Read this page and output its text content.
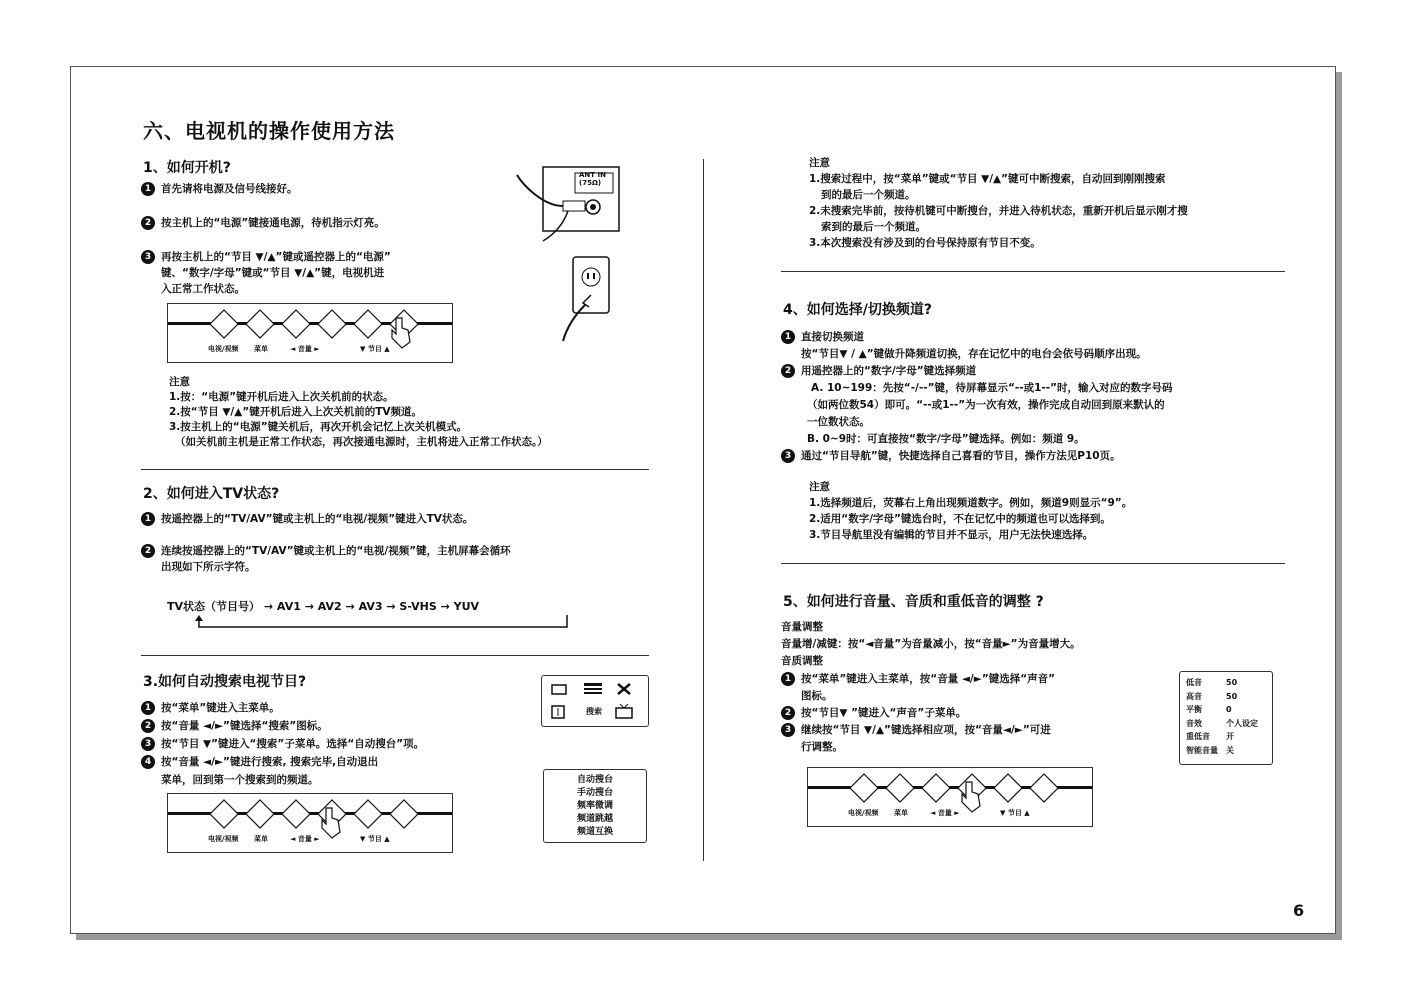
六、电视机的操作使用方法
1、如何开机?
1 首先请将电源及信号线接好。
2 按主机上的“电源”键接通电源，待机指示灯亮。
3 再按主机上的“节目 ▼/▲”键或遥控器上的“电源”
键、“数字/字母”键或“节目 ▼/▲”键，电视机进
入正常工作状态。
ANT IN
(75Ω)
电视/视频 菜单	◄ 音量 ►	▼ 节目 ▲
注意
1.按：“电源”键开机后进入上次关机前的状态。
2.按“节目 ▼/▲”键开机后进入上次关机前的TV频道。
3.按主机上的“电源”键关机后，再次开机会记忆上次关机模式。
（如关机前主机是正常工作状态，再次接通电源时，主机将进入正常工作状态。）
2、如何进入TV状态?
1 按遥控器上的“TV/AV”键或主机上的“电视/视频”键进入TV状态。
2 连续按遥控器上的“TV/AV”键或主机上的“电视/视频”键，主机屏幕会循环
出现如下所示字符。
TV状态（节目号） → AV1 → AV2 → AV3 → S-VHS → YUV
3.如何自动搜索电视节目?
1 按“菜单”键进入主菜单。
2 按“音量 ◄/►”键选择“搜索”图标。
3 按“节目 ▼”键进入“搜索”子菜单。选择“自动搜台”项。
4 按“音量 ◄/►”键进行搜索, 搜索完毕,自动退出
菜单，回到第一个搜索到的频道。
搜索
自动搜台
手动搜台
频率微调
频道跳越
频道互换
电视/视频 菜单	◄ 音量 ►	▼ 节目 ▲
注意
1.搜索过程中，按“菜单”键或“节目 ▼/▲”键可中断搜索，自动回到刚刚搜索
到的最后一个频道。
2.未搜索完毕前，按待机键可中断搜台，并进入待机状态，重新开机后显示刚才搜
索到的最后一个频道。
3.本次搜索没有涉及到的台号保持原有节目不变。
4、如何选择/切换频道?
1 直接切换频道
按“节目▼ / ▲”键做升降频道切换，存在记忆中的电台会依号码顺序出现。
2 用遥控器上的“数字/字母”键选择频道
A. 10~199：先按“-/--”键，待屏幕显示“--或1--”时，输入对应的数字号码
（如两位数54）即可。“--或1--”为一次有效，操作完成自动回到原来默认的
一位数状态。
B. 0~9时：可直接按“数字/字母”键选择。例如：频道 9。
3 通过“节目导航”键，快捷选择自己喜看的节目，操作方法见P10页。
注意
1.选择频道后，荧幕右上角出现频道数字。例如，频道9则显示“9”。
2.适用“数字/字母”键选台时，不在记忆中的频道也可以选择到。
3.节目导航里没有编辑的节目并不显示，用户无法快速选择。
5、如何进行音量、音质和重低音的调整 ?
音量调整
音量增/减键：按“◄音量”为音量减小，按“音量►”为音量增大。
音质调整
1 按“菜单”键进入主菜单，按“音量 ◄/►”键选择“声音”
图标。
2 按“节目▼ ”键进入“声音”子菜单。
3 继续按“节目 ▼/▲”键选择相应项，按“音量◄/►”可进
行调整。
低音	50
高音	50
平衡	0
音效	个人设定
重低音 开
智能音量 关
电视/视频 菜单	◄ 音量 ►	▼ 节目 ▲
6
